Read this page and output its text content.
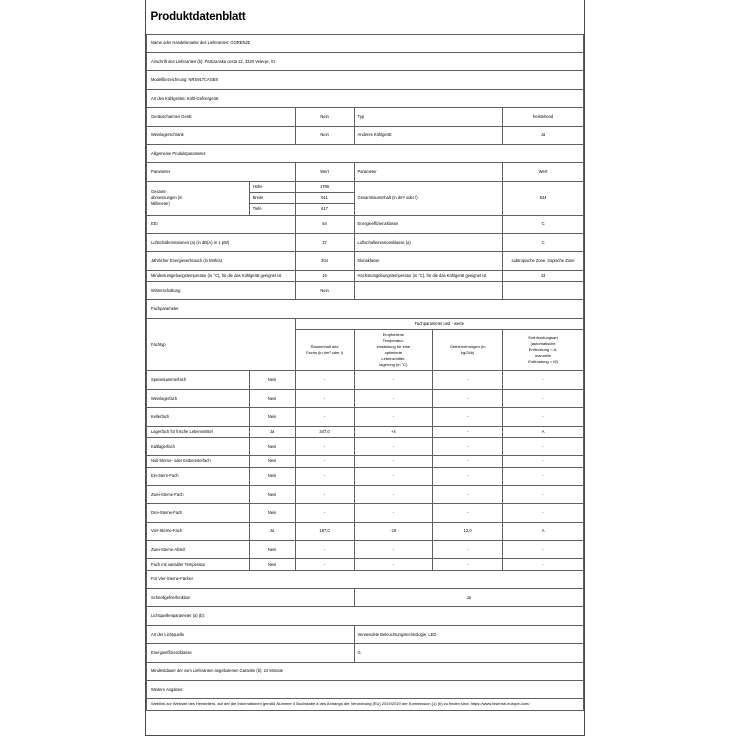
Produktdatenblatt					
Name oder Handelsmarke des Lieferanten: GORENJE					
Anschrift des Lieferanten (b): Partizanska cesta 12, 3320 Velenje, SI					
Modellbezeichnung: NRS917CAGBX					
Art des Kühlgeräts: Kühl-Gefriergerät					
Geräuscharmes Gerät		Nein	Typ		freistehend
Weinlagerschrank		Nein	Anderes Kühlgerät		Ja
Allgemeine Produktparameter:					
Parameter		Wert	Parameter		Wert

Gesamt-
abmessungen (in
Millimeter)	Höhe	1786	Gesamtrauminhalt (in dm³ oder l)		544
	Breite	911			
	Tiefe	617			
EEI		64	Energieeffizienzklasse		C
Luftschallemissionen (a) (in dB(A) re 1 pW)		37	Luftschallemissionsklasse (a)		C
Jährlicher Energieverbrauch (in kWh/a)		204	Klimaklasse		subtropische Zone, tropische Zone
Mindestumgebungstemperatur (in °C), für die das Kühlgerät geeignet ist		16	Höchstumgebungstemperatur (in °C), für die das Kühlgerät geeignet ist		43
Winterschaltung		Nein			
Fachparameter					
Fachtyp		Fachparameter und - werte			

Rauminhalt des
Fachs (in dm³ oder l)

Empfohlene
Temperatur-
einstellung für eine
optimierte
Lebensmittel-
lagerung (in °C)

Gefriervermögen (in
kg/24h)

Enthfrostungsart
(automatische
Entfrostung = A,
manuelle
Entfrostung = M)

Speisekammerfach	Nein	-	-	-	-
Weinlagerfach	Nein	-	-	-	-
Kellerfach	Nein	-	-	-	-
Lagerfach für frische Lebensmittel	Ja	347,0	+4	-	A
Kaltlagerfach	Nein	-	-	-	-
Null-Sterne- oder Eisbereiterfach	Nein	-	-	-	-
Ein-Stern-Fach	Nein	-	-	-	-
Zwei-Sterne-Fach	Nein	-	-	-	-
Drei-Sterne-Fach	Nein	-	-	-	-
Vier-Sterne-Fach	Ja	197,0	-18	12,0	A
Zwei-Sterne-Abteil	Nein	-	-	-	-
Fach mit variabler Temperatur	Nein	-	-	-	-
Für Vier-Sterne-Fächer					
Schnellgefrierfunktion			Ja		
Lichtquellenparameter (a) (b):					
Art der Lichtquelle			Verwendete Beleuchtungstechnologie: LED		
Energieeffizienzklasse			G		
Mindestdauer der vom Lieferanten angebotenen Garantie (b): 24 Monate					
Weitere Angaben:					
Weblink zur Website des Herstellers, auf der die Informationen gemäß Nummer 4 Buchstabe a des Anhangs der Verordnung (EU) 2019/2019 der Kommission (1) (b) zu finden sind: https://www.hisense-europe.com/					
